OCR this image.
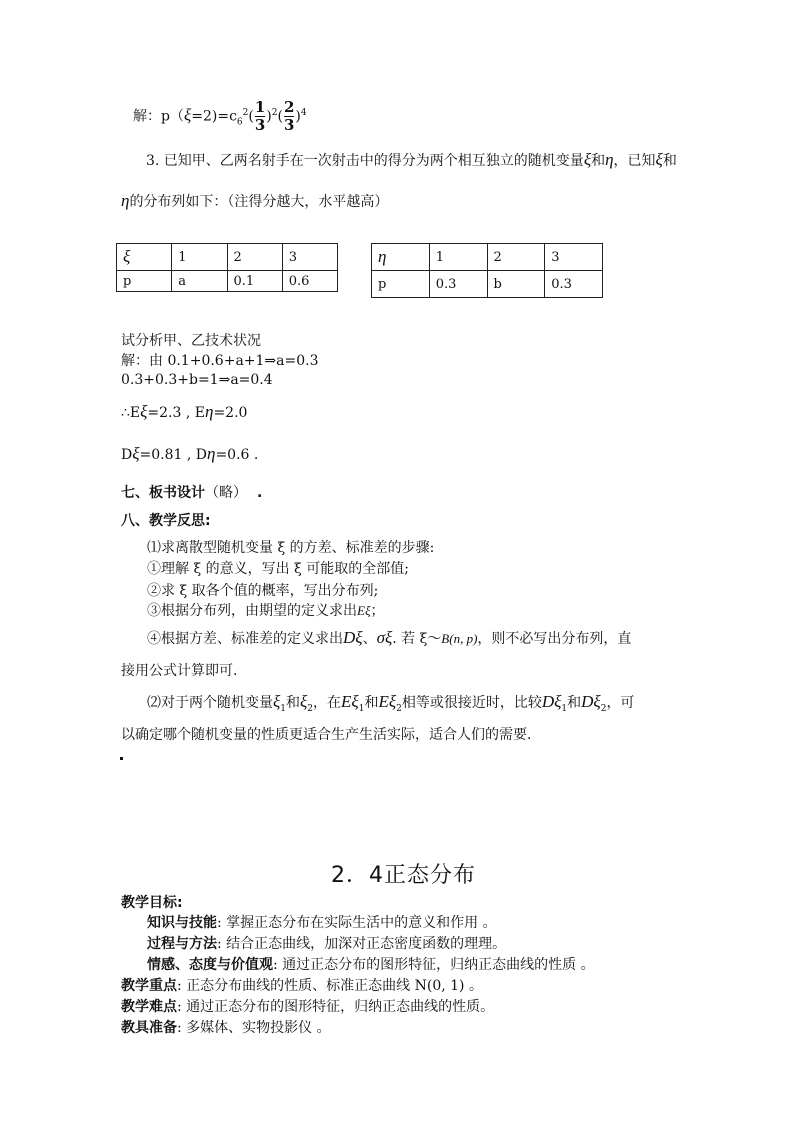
解：$p(\xi=2)=c_6^2( \frac{1}{3} )^2( \frac{2}{3} )^4$
3. 已知甲、乙两名射手在一次射击中的得分为两个相互独立的随机变量ξ和η，已知ξ和
η的分布列如下：（注得分越大，水平越高）
ξ	1	2	3
p	a	0.1	0.6
η	1	2	3
p	0.3	b	0.3
试分析甲、乙技术状况
解：由 0.1+0.6+a+1⇒a=0.3
0.3+0.3+b=1⇒a=0.4
∴Eξ=2.3 , Eη=2.0
Dξ=0.81 , Dη=0.6 .
七、板书设计（略） .
八、教学反思:
⑴求离散型随机变量 ξ 的方差、标准差的步骤:
①理解 ξ 的意义，写出 ξ 可能取的全部值;
②求 ξ 取各个值的概率，写出分布列;
③根据分布列，由期望的定义求出Eξ；
④根据方差、标准差的定义求出Dξ、σξ. 若 ξ～B(n, p)，则不必写出分布列，直
接用公式计算即可.
⑵对于两个随机变量$\xi_1$和$\xi_2$，在$E\xi_1$和$E\xi_2$相等或很接近时，比较$D\xi_1$和$D\xi_2$，可
以确定哪个随机变量的性质更适合生产生活实际，适合人们的需要.
2．4正态分布
教学目标:
知识与技能: 掌握正态分布在实际生活中的意义和作用 。
过程与方法: 结合正态曲线，加深对正态密度函数的理理。
情感、态度与价值观: 通过正态分布的图形特征，归纳正态曲线的性质 。
教学重点: 正态分布曲线的性质、标准正态曲线 N(0, 1) 。
教学难点: 通过正态分布的图形特征，归纳正态曲线的性质。
教具准备: 多媒体、实物投影仪 。
